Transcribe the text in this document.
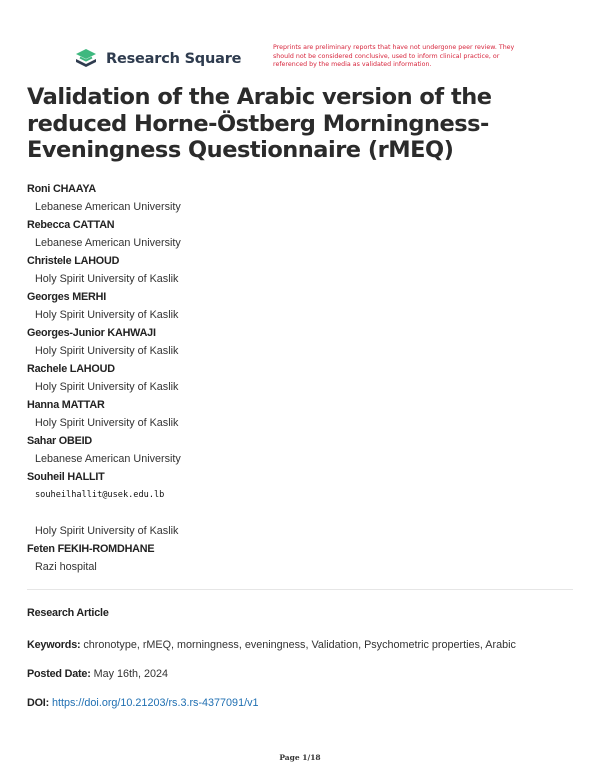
Research Square
Preprints are preliminary reports that have not undergone peer review. They should not be considered conclusive, used to inform clinical practice, or referenced by the media as validated information.
Validation of the Arabic version of the reduced Horne-Östberg Morningness- Eveningness Questionnaire (rMEQ)
Roni CHAAYA
Lebanese American University
Rebecca CATTAN
Lebanese American University
Christele LAHOUD
Holy Spirit University of Kaslik
Georges MERHI
Holy Spirit University of Kaslik
Georges-Junior KAHWAJI
Holy Spirit University of Kaslik
Rachele LAHOUD
Holy Spirit University of Kaslik
Hanna MATTAR
Holy Spirit University of Kaslik
Sahar OBEID
Lebanese American University
Souheil HALLIT
souheilhallit@usek.edu.lb
Holy Spirit University of Kaslik
Feten FEKIH-ROMDHANE
Razi hospital
Research Article
Keywords: chronotype, rMEQ, morningness, eveningness, Validation, Psychometric properties, Arabic
Posted Date: May 16th, 2024
DOI: https://doi.org/10.21203/rs.3.rs-4377091/v1
Page 1/18
